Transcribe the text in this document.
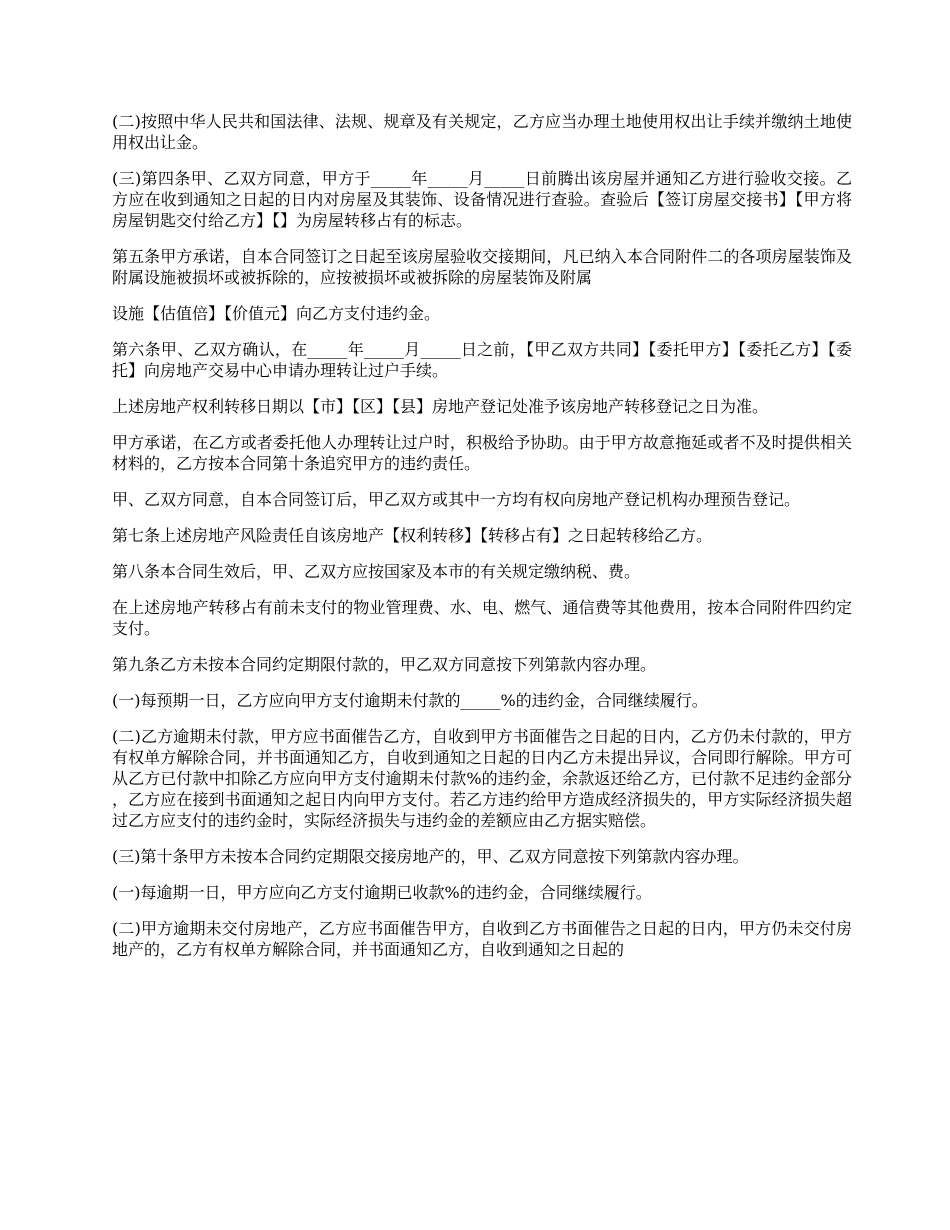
(二)按照中华人民共和国法律、法规、规章及有关规定，乙方应当办理土地使用权出让手续并缴纳土地使用权出让金。

(三)第四条甲、乙双方同意，甲方于_____年_____月_____日前腾出该房屋并通知乙方进行验收交接。乙方应在收到通知之日起的日内对房屋及其装饰、设备情况进行查验。查验后【签订房屋交接书】【甲方将房屋钥匙交付给乙方】【】为房屋转移占有的标志。

第五条甲方承诺，自本合同签订之日起至该房屋验收交接期间，凡已纳入本合同附件二的各项房屋装饰及附属设施被损坏或被拆除的，应按被损坏或被拆除的房屋装饰及附属

设施【估值倍】【价值元】向乙方支付违约金。

第六条甲、乙双方确认，在_____年_____月_____日之前，【甲乙双方共同】【委托甲方】【委托乙方】【委托】向房地产交易中心申请办理转让过户手续。

上述房地产权利转移日期以【市】【区】【县】房地产登记处准予该房地产转移登记之日为准。

甲方承诺，在乙方或者委托他人办理转让过户时，积极给予协助。由于甲方故意拖延或者不及时提供相关材料的，乙方按本合同第十条追究甲方的违约责任。

甲、乙双方同意，自本合同签订后，甲乙双方或其中一方均有权向房地产登记机构办理预告登记。

第七条上述房地产风险责任自该房地产【权利转移】【转移占有】之日起转移给乙方。

第八条本合同生效后，甲、乙双方应按国家及本市的有关规定缴纳税、费。

在上述房地产转移占有前未支付的物业管理费、水、电、燃气、通信费等其他费用，按本合同附件四约定支付。

第九条乙方未按本合同约定期限付款的，甲乙双方同意按下列第款内容办理。

(一)每预期一日，乙方应向甲方支付逾期未付款的_____%的违约金，合同继续履行。

(二)乙方逾期未付款，甲方应书面催告乙方，自收到甲方书面催告之日起的日内，乙方仍未付款的，甲方有权单方解除合同，并书面通知乙方，自收到通知之日起的日内乙方未提出异议，合同即行解除。甲方可从乙方已付款中扣除乙方应向甲方支付逾期未付款%的违约金，余款返还给乙方，已付款不足违约金部分，乙方应在接到书面通知之起日内向甲方支付。若乙方违约给甲方造成经济损失的，甲方实际经济损失超过乙方应支付的违约金时，实际经济损失与违约金的差额应由乙方据实赔偿。

(三)第十条甲方未按本合同约定期限交接房地产的，甲、乙双方同意按下列第款内容办理。

(一)每逾期一日，甲方应向乙方支付逾期已收款%的违约金，合同继续履行。

(二)甲方逾期未交付房地产，乙方应书面催告甲方，自收到乙方书面催告之日起的日内，甲方仍未交付房地产的，乙方有权单方解除合同，并书面通知乙方，自收到通知之日起的
